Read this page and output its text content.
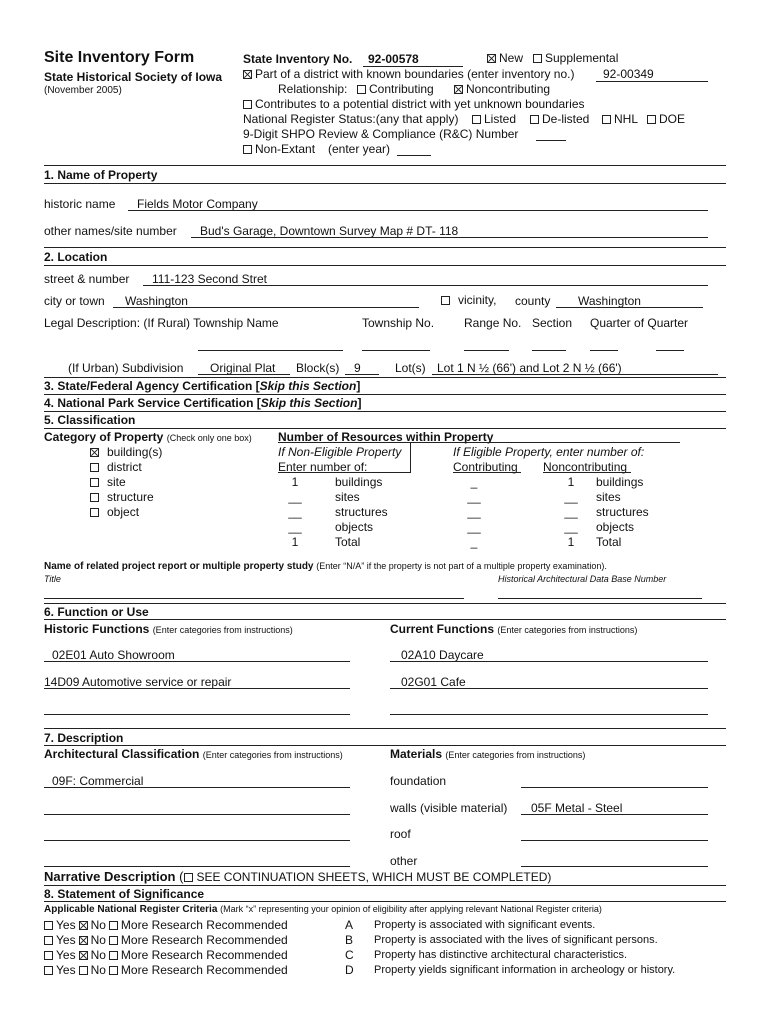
Site Inventory Form
State Historical Society of Iowa
(November 2005)
State Inventory No. 92-00578	New	Supplemental
Part of a district with known boundaries (enter inventory no.) 92-00349
Relationship:	Contributing	Noncontributing
Contributes to a potential district with yet unknown boundaries
National Register Status:(any that apply)	Listed	De-listed	NHL	DOE
9-Digit SHPO Review & Compliance (R&C) Number
Non-Extant (enter year)
1. Name of Property
historic name Fields Motor Company
other names/site number Bud's Garage, Downtown Survey Map # DT- 118
2. Location
street & number 111-123 Second Stret
city or town Washington	vicinity, county Washington
Legal Description: (If Rural) Township Name	Township No. Range No. Section Quarter of Quarter
(If Urban) Subdivision Original Plat Block(s) 9	Lot(s) Lot 1 N ½ (66') and Lot 2 N ½ (66')
3. State/Federal Agency Certification [Skip this Section]
4. National Park Service Certification [Skip this Section]
5. Classification
Category of Property (Check only one box)
building(s)
district
site
structure
object
Number of Resources within Property
If Non-Eligible Property
Enter number of:
If Eligible Property, enter number of:
Contributing Noncontributing
1	buildings	_	1	buildings
__	sites	__	__ sites
__	structures	__	__ structures
__	objects	__	__ objects
1	Total	_	1	Total
Name of related project report or multiple property study (Enter “N/A” if the property is not part of a multiple property examination).
Title	Historical Architectural Data Base Number
6. Function or Use
Historic Functions (Enter categories from instructions)	Current Functions (Enter categories from instructions)
02E01 Auto Showroom	02A10 Daycare
14D09 Automotive service or repair	02G01 Cafe
7. Description
Architectural Classification (Enter categories from instructions)	Materials (Enter categories from instructions)
09F: Commercial	foundation
walls (visible material) 05F Metal - Steel
roof
other
Narrative Description ( SEE CONTINUATION SHEETS, WHICH MUST BE COMPLETED)
8. Statement of Significance
Applicable National Register Criteria (Mark “x” representing your opinion of eligibility after applying relevant National Register criteria)
Yes No More Research Recommended	A Property is associated with significant events.
Yes No More Research Recommended	B Property is associated with the lives of significant persons.
Yes No More Research Recommended	C Property has distinctive architectural characteristics.
Yes No More Research Recommended	D Property yields significant information in archeology or history.
